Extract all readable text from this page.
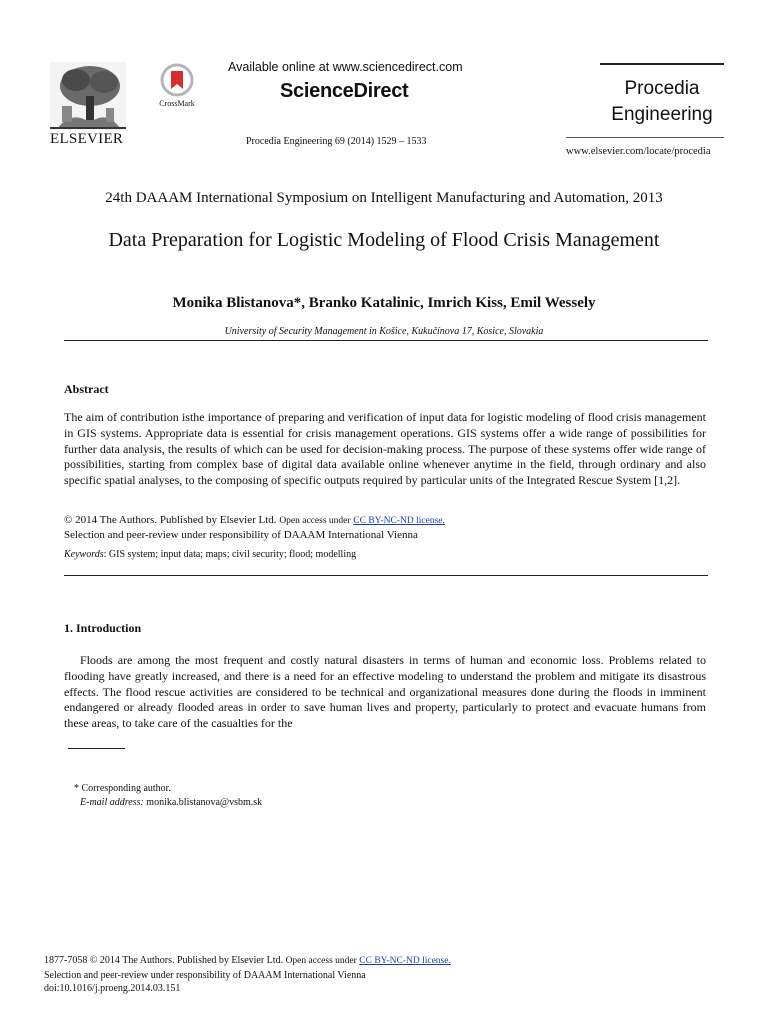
ELSEVIER
CrossMark
Available online at www.sciencedirect.com
ScienceDirect
Procedia Engineering 69 (2014) 1529 – 1533
Procedia
Engineering
www.elsevier.com/locate/procedia
24th DAAAM International Symposium on Intelligent Manufacturing and Automation, 2013
Data Preparation for Logistic Modeling of Flood Crisis Management
Monika Blistanova*, Branko Katalinic, Imrich Kiss, Emil Wessely
University of Security Management in Košice, Kukučínova 17, Kosice, Slovakia
Abstract
The aim of contribution isthe importance of preparing and verification of input data for logistic modeling of flood crisis management in GIS systems. Appropriate data is essential for crisis management operations. GIS systems offer a wide range of possibilities for further data analysis, the results of which can be used for decision-making process. The purpose of these systems offer wide range of possibilities, starting from complex base of digital data available online whenever anytime in the field, through ordinary and also specific spatial analyses, to the composing of specific outputs required by particular units of the Integrated Rescue System [1,2].
© 2014 The Authors. Published by Elsevier Ltd. Open access under CC BY-NC-ND license.
Selection and peer-review under responsibility of DAAAM International Vienna
Keywords: GIS system; input data; maps; civil security; flood; modelling
1. Introduction
Floods are among the most frequent and costly natural disasters in terms of human and economic loss. Problems related to flooding have greatly increased, and there is a need for an effective modeling to understand the problem and mitigate its disastrous effects. The flood rescue activities are considered to be technical and organizational measures done during the floods in imminent endangered or already flooded areas in order to save human lives and property, particularly to protect and evacuate humans from these areas, to take care of the casualties for the
* Corresponding author.
E-mail address: monika.blistanova@vsbm.sk
1877-7058 © 2014 The Authors. Published by Elsevier Ltd. Open access under CC BY-NC-ND license.
Selection and peer-review under responsibility of DAAAM International Vienna
doi:10.1016/j.proeng.2014.03.151
